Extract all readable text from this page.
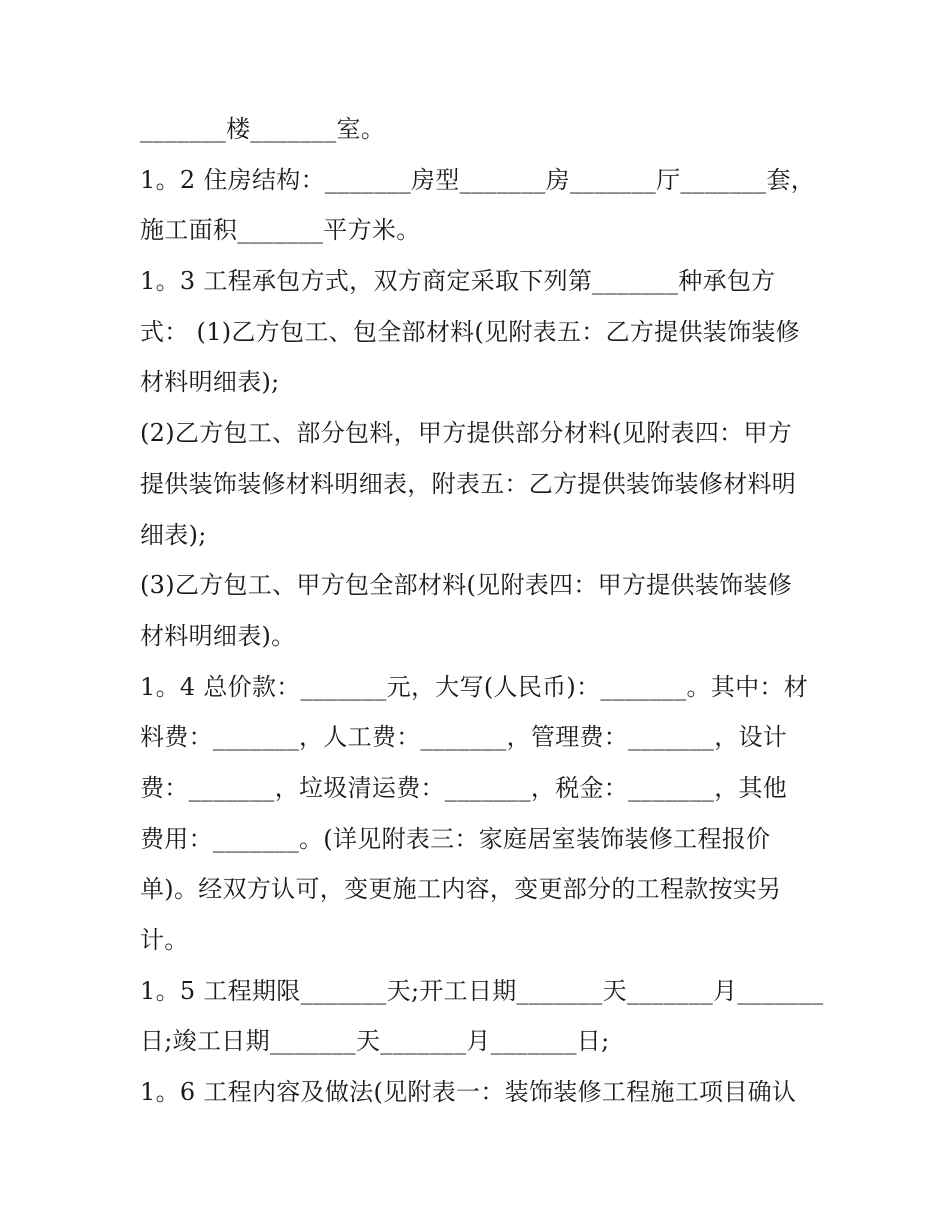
_______楼_______室。
1。2 住房结构：_______房型_______房_______厅_______套，
施工面积_______平方米。
1。3 工程承包方式，双方商定采取下列第_______种承包方
式： (1)乙方包工、包全部材料(见附表五：乙方提供装饰装修
材料明细表);
(2)乙方包工、部分包料，甲方提供部分材料(见附表四：甲方
提供装饰装修材料明细表，附表五：乙方提供装饰装修材料明
细表);
(3)乙方包工、甲方包全部材料(见附表四：甲方提供装饰装修
材料明细表)。
1。4 总价款：_______元，大写(人民币)：_______。其中：材
料费：_______，人工费：_______，管理费：_______，设计
费：_______，垃圾清运费：_______，税金：_______，其他
费用：_______。(详见附表三：家庭居室装饰装修工程报价
单)。经双方认可，变更施工内容，变更部分的工程款按实另
计。
1。5 工程期限_______天;开工日期_______天_______月_______
日;竣工日期_______天_______月_______日;
1。6 工程内容及做法(见附表一：装饰装修工程施工项目确认
